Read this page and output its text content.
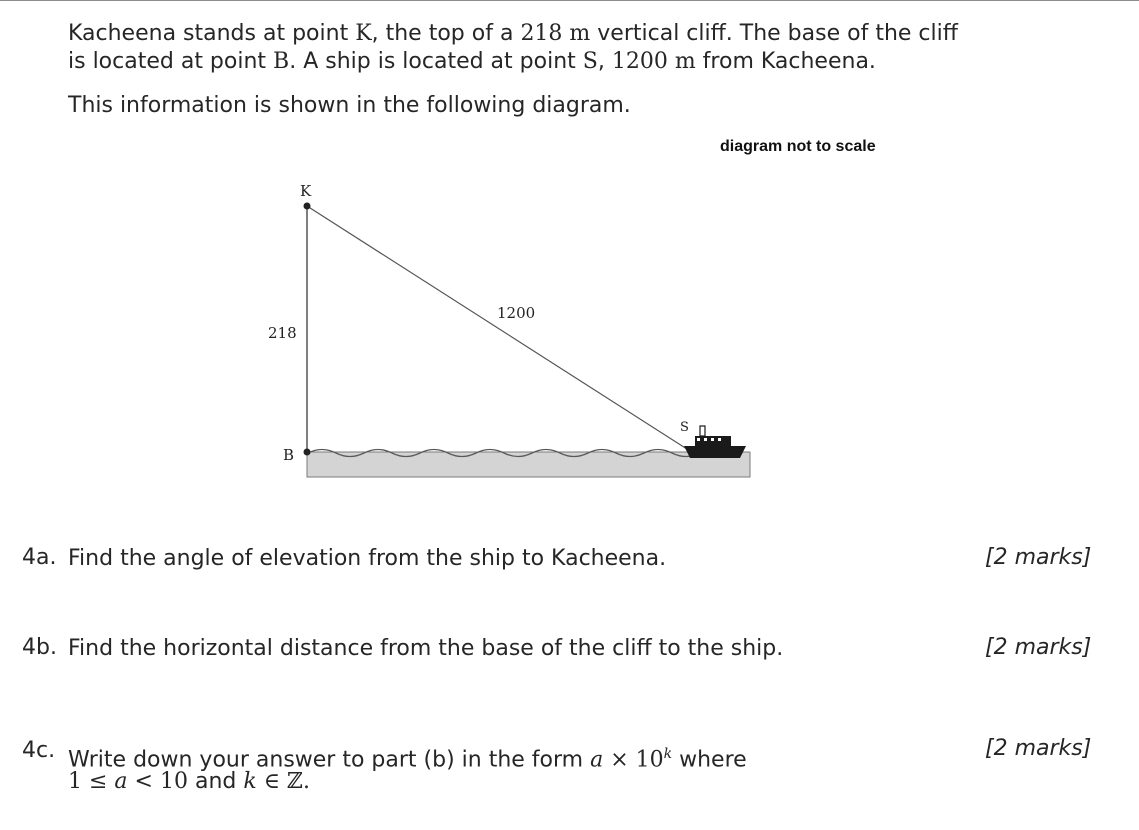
Kacheena stands at point K, the top of a 218 m vertical cliff. The base of the cliff
is located at point B. A ship is located at point S, 1200 m from Kacheena.
This information is shown in the following diagram.
diagram not to scale
K
B
S
218
1200
4a. Find the angle of elevation from the ship to Kacheena.	[2 marks]
4b. Find the horizontal distance from the base of the cliff to the ship.	[2 marks]
4c. Write down your answer to part (b) in the form $a \times 10^k$ where
1 ≤ a < 10 and k ∈ ℤ.
[2 marks]
